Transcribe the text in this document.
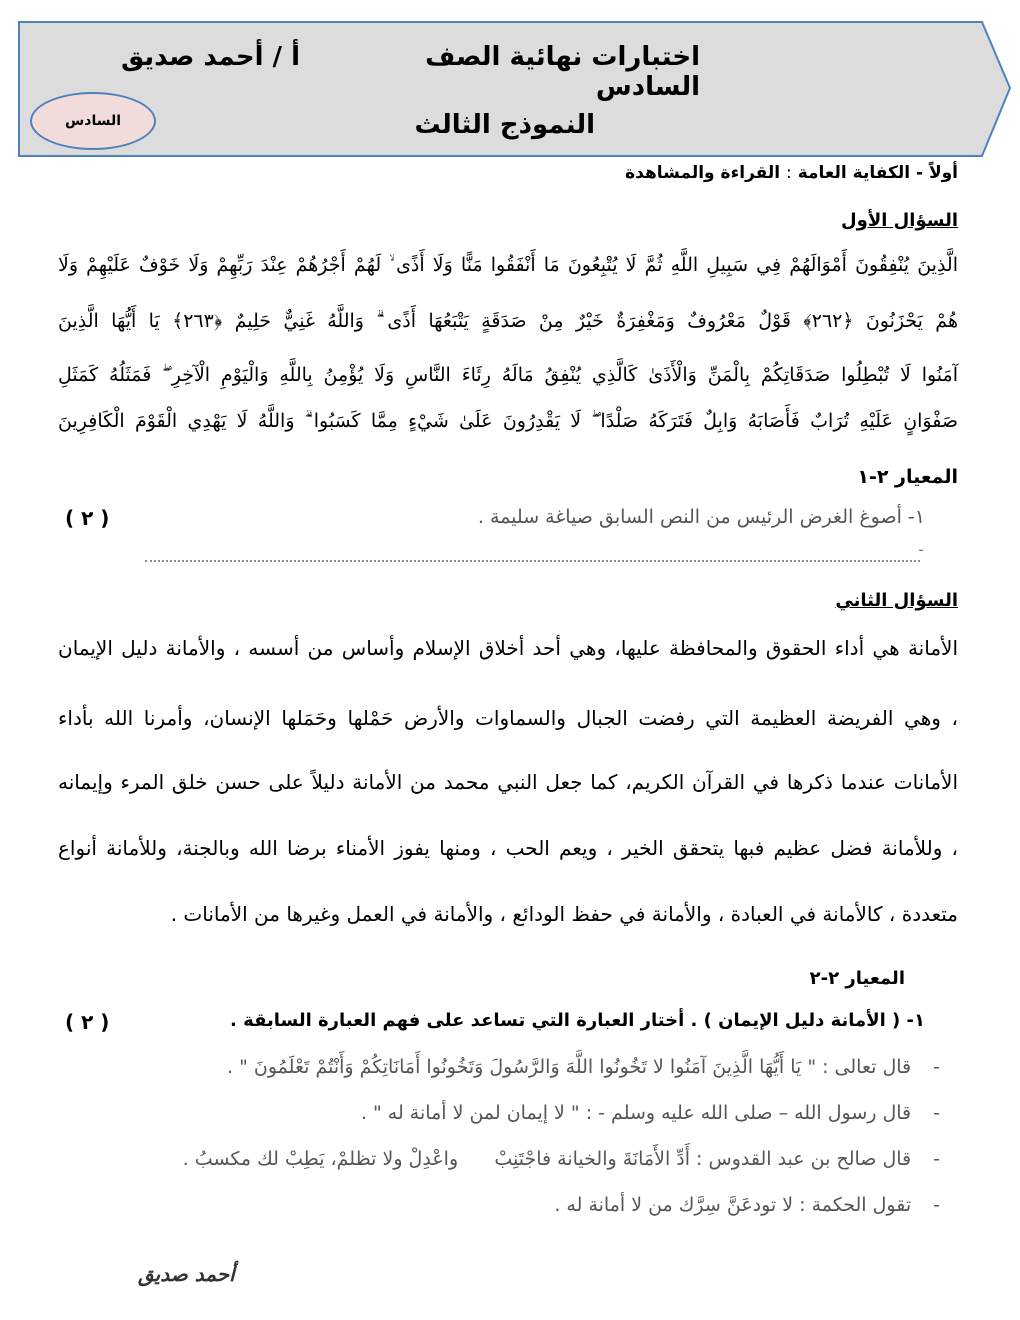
اختبارات نهائية الصف السادس
أ / أحمد صديق
النموذج الثالث
السادس
أولاً - الكفاية العامة : القراءة والمشاهدة
السؤال الأول
الَّذِينَ يُنْفِقُونَ أَمْوَالَهُمْ فِي سَبِيلِ اللَّهِ ثُمَّ لَا يُتْبِعُونَ مَا أَنْفَقُوا مَنًّا وَلَا أَذًى ۙ لَهُمْ أَجْرُهُمْ عِنْدَ رَبِّهِمْ وَلَا خَوْفٌ عَلَيْهِمْ وَلَا
هُمْ يَحْزَنُونَ ﴿٢٦٢﴾ قَوْلٌ مَعْرُوفٌ وَمَغْفِرَةٌ خَيْرٌ مِنْ صَدَقَةٍ يَتْبَعُهَا أَذًى ۗ وَاللَّهُ غَنِيٌّ حَلِيمٌ ﴿٢٦٣﴾ يَا أَيُّهَا الَّذِينَ
آمَنُوا لَا تُبْطِلُوا صَدَقَاتِكُمْ بِالْمَنِّ وَالْأَذَىٰ كَالَّذِي يُنْفِقُ مَالَهُ رِئَاءَ النَّاسِ وَلَا يُؤْمِنُ بِاللَّهِ وَالْيَوْمِ الْآخِرِ ۖ فَمَثَلُهُ كَمَثَلِ
صَفْوَانٍ عَلَيْهِ تُرَابٌ فَأَصَابَهُ وَابِلٌ فَتَرَكَهُ صَلْدًا ۖ لَا يَقْدِرُونَ عَلَىٰ شَيْءٍ مِمَّا كَسَبُوا ۗ وَاللَّهُ لَا يَهْدِي الْقَوْمَ الْكَافِرِينَ
المعيار ٢-١
١- أصوغ الغرض الرئيس من النص السابق صياغة سليمة .
( ٢ )
-
السؤال الثاني
الأمانة هي أداء الحقوق والمحافظة عليها، وهي أحد أخلاق الإسلام وأساس من أسسه ، والأمانة دليل الإيمان
، وهي الفريضة العظيمة التي رفضت الجبال والسماوات والأرض حَمْلها وحَمَلها الإنسان، وأمرنا الله بأداء
الأمانات عندما ذكرها في القرآن الكريم، كما جعل النبي محمد من الأمانة دليلاً على حسن خلق المرء وإيمانه
، وللأمانة فضل عظيم فبها يتحقق الخير ، ويعم الحب ، ومنها يفوز الأمناء برضا الله وبالجنة، وللأمانة أنواع
متعددة ، كالأمانة في العبادة ، والأمانة في حفظ الودائع ، والأمانة في العمل وغيرها من الأمانات .
المعيار ٢-٢
١- ( الأمانة دليل الإيمان ) . أختار العبارة التي تساعد على فهم العبارة السابقة .
( ٢ )
-قال تعالى : " يَا أَيُّهَا الَّذِينَ آمَنُوا لا تَخُونُوا اللَّهَ وَالرَّسُولَ وَتَخُونُوا أَمَانَاتِكُمْ وَأَنْتُمْ تَعْلَمُونَ " .
-قال رسول الله – صلى الله عليه وسلم - : " لا إيمان لمن لا أمانة له " .
-قال صالح بن عبد القدوس : أَدِّ الأَمَانَةَ والخيانة فاجْتَنِبْ      واعْدِلْ ولا تظلمْ، يَطِبْ لك مكسبُ .
-تقول الحكمة : لا تودعَنَّ سِرَّك من لا أمانة له .
أحمد صديق
